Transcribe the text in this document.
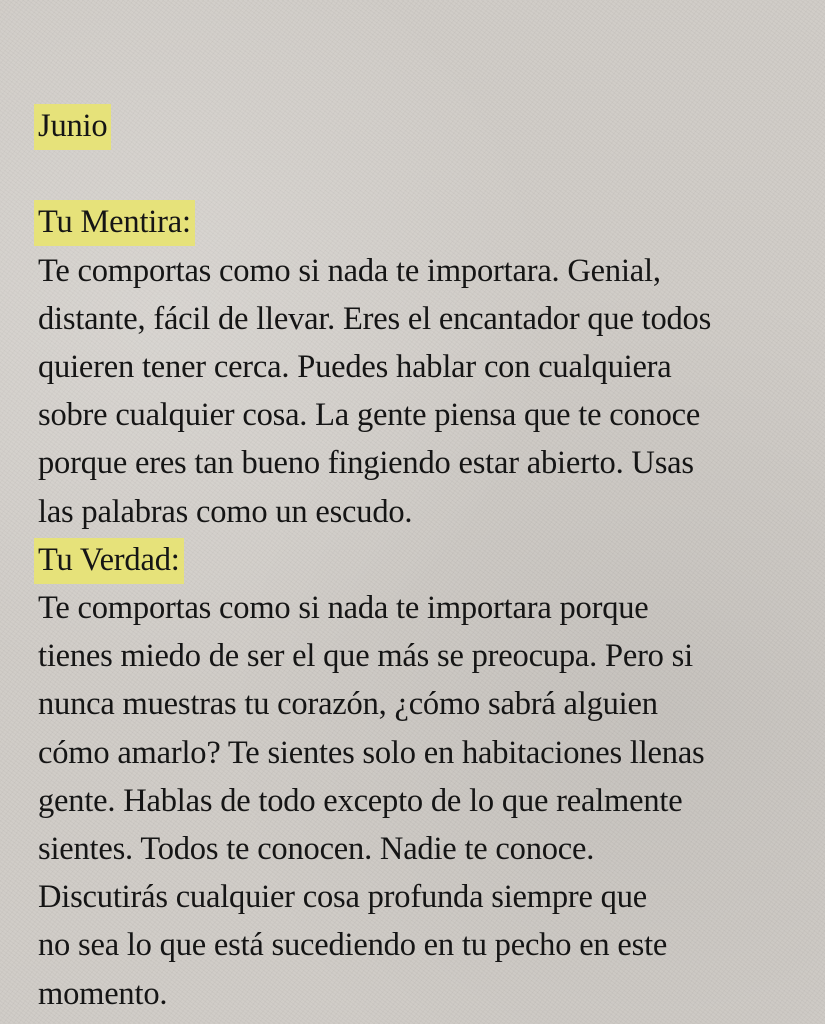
Junio
Tu Mentira:
Te comportas como si nada te importara. Genial,
distante, fácil de llevar. Eres el encantador que todos
quieren tener cerca. Puedes hablar con cualquiera
sobre cualquier cosa. La gente piensa que te conoce
porque eres tan bueno fingiendo estar abierto. Usas
las palabras como un escudo.
Tu Verdad:
Te comportas como si nada te importara porque
tienes miedo de ser el que más se preocupa. Pero si
nunca muestras tu corazón, ¿cómo sabrá alguien
cómo amarlo? Te sientes solo en habitaciones llenas
gente. Hablas de todo excepto de lo que realmente
sientes. Todos te conocen. Nadie te conoce.
Discutirás cualquier cosa profunda siempre que
no sea lo que está sucediendo en tu pecho en este
momento.
